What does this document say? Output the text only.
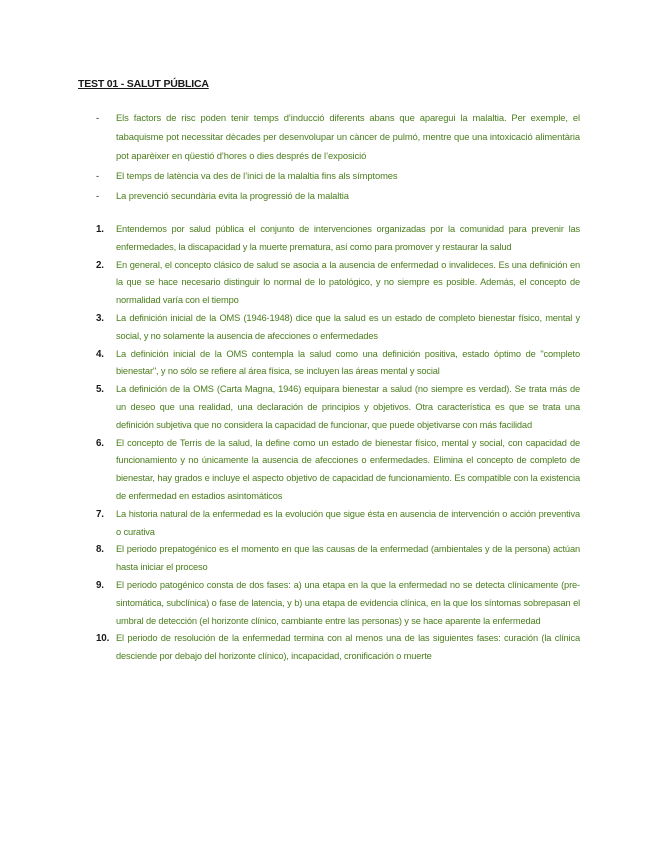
TEST 01 - SALUT PÚBLICA
- Els factors de risc poden tenir temps d’inducció diferents abans que aparegui la malaltia. Per exemple, el tabaquisme pot necessitar dècades per desenvolupar un càncer de pulmó, mentre que una intoxicació alimentària pot aparèixer en qüestió d’hores o dies després de l’exposició
- El temps de latència va des de l’inici de la malaltia fins als símptomes
- La prevenció secundària evita la progressió de la malaltia
1. Entendemos por salud pública el conjunto de intervenciones organizadas por la comunidad para prevenir las enfermedades, la discapacidad y la muerte prematura, así como para promover y restaurar la salud
2. En general, el concepto clásico de salud se asocia a la ausencia de enfermedad o invalideces. Es una definición en la que se hace necesario distinguir lo normal de lo patológico, y no siempre es posible. Además, el concepto de normalidad varía con el tiempo
3. La definición inicial de la OMS (1946-1948) dice que la salud es un estado de completo bienestar físico, mental y social, y no solamente la ausencia de afecciones o enfermedades
4. La definición inicial de la OMS contempla la salud como una definición positiva, estado óptimo de "completo bienestar", y no sólo se refiere al área física, se incluyen las áreas mental y social
5. La definición de la OMS (Carta Magna, 1946) equipara bienestar a salud (no siempre es verdad). Se trata más de un deseo que una realidad, una declaración de principios y objetivos. Otra característica es que se trata una definición subjetiva que no considera la capacidad de funcionar, que puede objetivarse con más facilidad
6. El concepto de Terris de la salud, la define como un estado de bienestar físico, mental y social, con capacidad de funcionamiento y no únicamente la ausencia de afecciones o enfermedades. Elimina el concepto de completo de bienestar, hay grados e incluye el aspecto objetivo de capacidad de funcionamiento. Es compatible con la existencia de enfermedad en estadios asintomáticos
7. La historia natural de la enfermedad es la evolución que sigue ésta en ausencia de intervención o acción preventiva o curativa
8. El periodo prepatogénico es el momento en que las causas de la enfermedad (ambientales y de la persona) actúan hasta iniciar el proceso
9. El periodo patogénico consta de dos fases: a) una etapa en la que la enfermedad no se detecta clínicamente (pre-sintomática, subclínica) o fase de latencia, y b) una etapa de evidencia clínica, en la que los síntomas sobrepasan el umbral de detección (el horizonte clínico, cambiante entre las personas) y se hace aparente la enfermedad
10. El periodo de resolución de la enfermedad termina con al menos una de las siguientes fases: curación (la clínica desciende por debajo del horizonte clínico), incapacidad, cronificación o muerte
